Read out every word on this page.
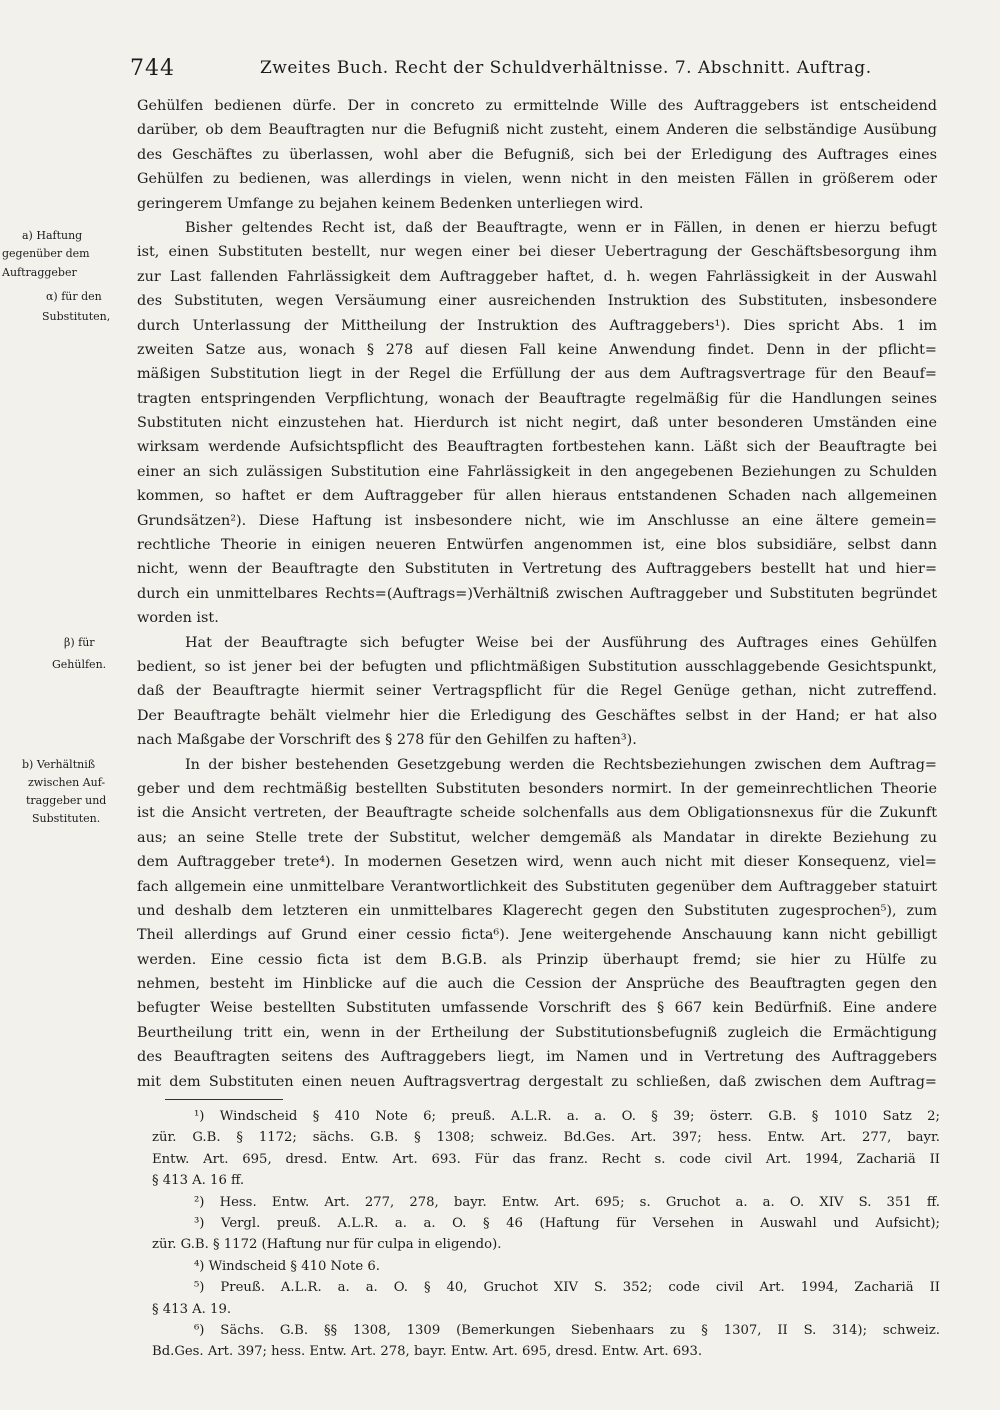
744	Zweites Buch. Recht der Schuldverhältnisse. 7. Abschnitt. Auftrag.
a) Haftung
gegenüber dem
Auftraggeber
α) für den
Substituten,
β) für
Gehülfen.
b) Verhältniß
zwischen Auf-
traggeber und
Substituten.
Gehülfen bedienen dürfe. Der in concreto zu ermittelnde Wille des Auftraggebers ist entscheidend
darüber, ob dem Beauftragten nur die Befugniß nicht zusteht, einem Anderen die selbständige Ausübung
des Geschäftes zu überlassen, wohl aber die Befugniß, sich bei der Erledigung des Auftrages eines
Gehülfen zu bedienen, was allerdings in vielen, wenn nicht in den meisten Fällen in größerem oder
geringerem Umfange zu bejahen keinem Bedenken unterliegen wird.
Bisher geltendes Recht ist, daß der Beauftragte, wenn er in Fällen, in denen er hierzu befugt
ist, einen Substituten bestellt, nur wegen einer bei dieser Uebertragung der Geschäftsbesorgung ihm
zur Last fallenden Fahrlässigkeit dem Auftraggeber haftet, d. h. wegen Fahrlässigkeit in der Auswahl
des Substituten, wegen Versäumung einer ausreichenden Instruktion des Substituten, insbesondere
durch Unterlassung der Mittheilung der Instruktion des Auftraggebers¹). Dies spricht Abs. 1 im
zweiten Satze aus, wonach § 278 auf diesen Fall keine Anwendung findet. Denn in der pflicht=
mäßigen Substitution liegt in der Regel die Erfüllung der aus dem Auftragsvertrage für den Beauf=
tragten entspringenden Verpflichtung, wonach der Beauftragte regelmäßig für die Handlungen seines
Substituten nicht einzustehen hat. Hierdurch ist nicht negirt, daß unter besonderen Umständen eine
wirksam werdende Aufsichtspflicht des Beauftragten fortbestehen kann. Läßt sich der Beauftragte bei
einer an sich zulässigen Substitution eine Fahrlässigkeit in den angegebenen Beziehungen zu Schulden
kommen, so haftet er dem Auftraggeber für allen hieraus entstandenen Schaden nach allgemeinen
Grundsätzen²). Diese Haftung ist insbesondere nicht, wie im Anschlusse an eine ältere gemein=
rechtliche Theorie in einigen neueren Entwürfen angenommen ist, eine blos subsidiäre, selbst dann
nicht, wenn der Beauftragte den Substituten in Vertretung des Auftraggebers bestellt hat und hier=
durch ein unmittelbares Rechts=(Auftrags=)Verhältniß zwischen Auftraggeber und Substituten begründet
worden ist.
Hat der Beauftragte sich befugter Weise bei der Ausführung des Auftrages eines Gehülfen
bedient, so ist jener bei der befugten und pflichtmäßigen Substitution ausschlaggebende Gesichtspunkt,
daß der Beauftragte hiermit seiner Vertragspflicht für die Regel Genüge gethan, nicht zutreffend.
Der Beauftragte behält vielmehr hier die Erledigung des Geschäftes selbst in der Hand; er hat also
nach Maßgabe der Vorschrift des § 278 für den Gehilfen zu haften³).
In der bisher bestehenden Gesetzgebung werden die Rechtsbeziehungen zwischen dem Auftrag=
geber und dem rechtmäßig bestellten Substituten besonders normirt. In der gemeinrechtlichen Theorie
ist die Ansicht vertreten, der Beauftragte scheide solchenfalls aus dem Obligationsnexus für die Zukunft
aus; an seine Stelle trete der Substitut, welcher demgemäß als Mandatar in direkte Beziehung zu
dem Auftraggeber trete⁴). In modernen Gesetzen wird, wenn auch nicht mit dieser Konsequenz, viel=
fach allgemein eine unmittelbare Verantwortlichkeit des Substituten gegenüber dem Auftraggeber statuirt
und deshalb dem letzteren ein unmittelbares Klagerecht gegen den Substituten zugesprochen⁵), zum
Theil allerdings auf Grund einer cessio ficta⁶). Jene weitergehende Anschauung kann nicht gebilligt
werden. Eine cessio ficta ist dem B.G.B. als Prinzip überhaupt fremd; sie hier zu Hülfe zu
nehmen, besteht im Hinblicke auf die auch die Cession der Ansprüche des Beauftragten gegen den
befugter Weise bestellten Substituten umfassende Vorschrift des § 667 kein Bedürfniß. Eine andere
Beurtheilung tritt ein, wenn in der Ertheilung der Substitutionsbefugniß zugleich die Ermächtigung
des Beauftragten seitens des Auftraggebers liegt, im Namen und in Vertretung des Auftraggebers
mit dem Substituten einen neuen Auftragsvertrag dergestalt zu schließen, daß zwischen dem Auftrag=
¹) Windscheid § 410 Note 6; preuß. A.L.R. a. a. O. § 39; österr. G.B. § 1010 Satz 2;
zür. G.B. § 1172; sächs. G.B. § 1308; schweiz. Bd.Ges. Art. 397; hess. Entw. Art. 277, bayr.
Entw. Art. 695, dresd. Entw. Art. 693. Für das franz. Recht s. code civil Art. 1994, Zachariä II
§ 413 A. 16 ff.
²) Hess. Entw. Art. 277, 278, bayr. Entw. Art. 695; s. Gruchot a. a. O. XIV S. 351 ff.
³) Vergl. preuß. A.L.R. a. a. O. § 46 (Haftung für Versehen in Auswahl und Aufsicht);
zür. G.B. § 1172 (Haftung nur für culpa in eligendo).
⁴) Windscheid § 410 Note 6.
⁵) Preuß. A.L.R. a. a. O. § 40, Gruchot XIV S. 352; code civil Art. 1994, Zachariä II
§ 413 A. 19.
⁶) Sächs. G.B. §§ 1308, 1309 (Bemerkungen Siebenhaars zu § 1307, II S. 314); schweiz.
Bd.Ges. Art. 397; hess. Entw. Art. 278, bayr. Entw. Art. 695, dresd. Entw. Art. 693.
